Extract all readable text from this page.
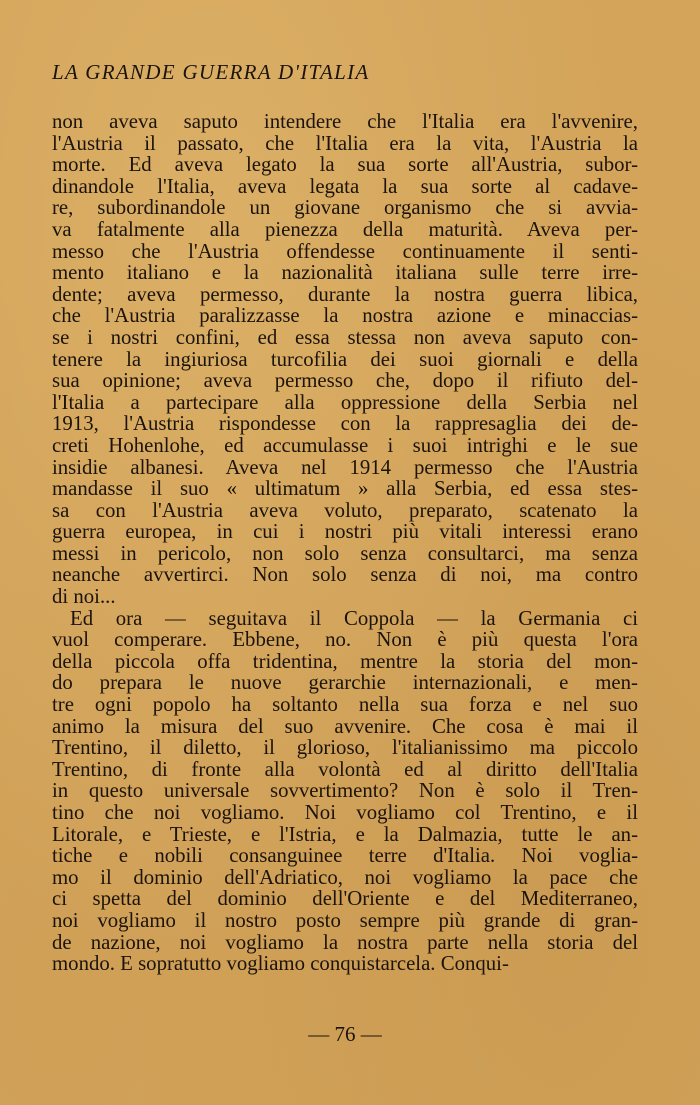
LA GRANDE GUERRA D'ITALIA
non aveva saputo intendere che l'Italia era l'avvenire,
l'Austria il passato, che l'Italia era la vita, l'Austria la
morte. Ed aveva legato la sua sorte all'Austria, subor-
dinandole l'Italia, aveva legata la sua sorte al cadave-
re, subordinandole un giovane organismo che si avvia-
va fatalmente alla pienezza della maturità. Aveva per-
messo che l'Austria offendesse continuamente il senti-
mento italiano e la nazionalità italiana sulle terre irre-
dente; aveva permesso, durante la nostra guerra libica,
che l'Austria paralizzasse la nostra azione e minaccias-
se i nostri confini, ed essa stessa non aveva saputo con-
tenere la ingiuriosa turcofilia dei suoi giornali e della
sua opinione; aveva permesso che, dopo il rifiuto del-
l'Italia a partecipare alla oppressione della Serbia nel
1913, l'Austria rispondesse con la rappresaglia dei de-
creti Hohenlohe, ed accumulasse i suoi intrighi e le sue
insidie albanesi. Aveva nel 1914 permesso che l'Austria
mandasse il suo « ultimatum » alla Serbia, ed essa stes-
sa con l'Austria aveva voluto, preparato, scatenato la
guerra europea, in cui i nostri più vitali interessi erano
messi in pericolo, non solo senza consultarci, ma senza
neanche avvertirci. Non solo senza di noi, ma contro
di noi...
Ed ora — seguitava il Coppola — la Germania ci
vuol comperare. Ebbene, no. Non è più questa l'ora
della piccola offa tridentina, mentre la storia del mon-
do prepara le nuove gerarchie internazionali, e men-
tre ogni popolo ha soltanto nella sua forza e nel suo
animo la misura del suo avvenire. Che cosa è mai il
Trentino, il diletto, il glorioso, l'italianissimo ma piccolo
Trentino, di fronte alla volontà ed al diritto dell'Italia
in questo universale sovvertimento? Non è solo il Tren-
tino che noi vogliamo. Noi vogliamo col Trentino, e il
Litorale, e Trieste, e l'Istria, e la Dalmazia, tutte le an-
tiche e nobili consanguinee terre d'Italia. Noi voglia-
mo il dominio dell'Adriatico, noi vogliamo la pace che
ci spetta del dominio dell'Oriente e del Mediterraneo,
noi vogliamo il nostro posto sempre più grande di gran-
de nazione, noi vogliamo la nostra parte nella storia del
mondo. E sopratutto vogliamo conquistarcela. Conqui-
— 76 —
